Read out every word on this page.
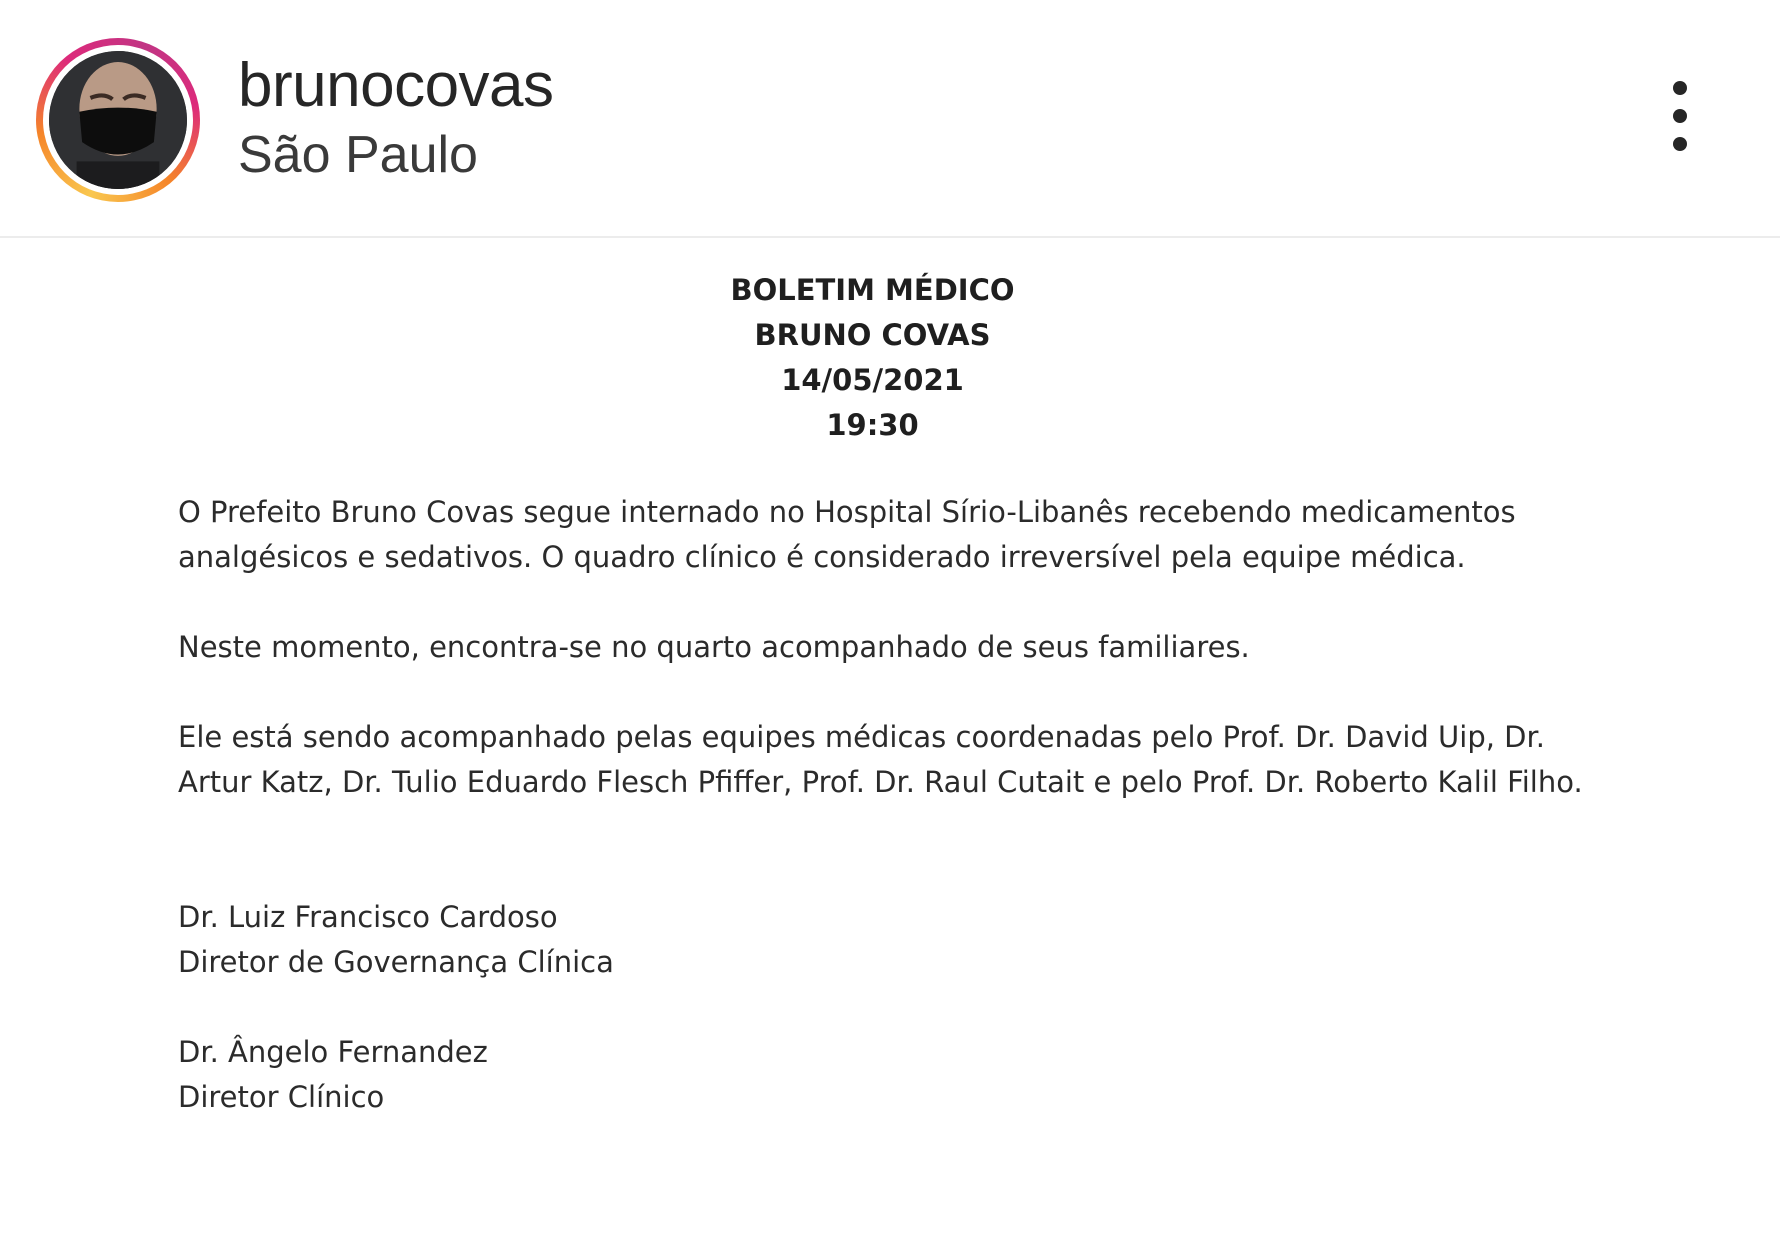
brunocovas
São Paulo
BOLETIM MÉDICO
BRUNO COVAS
14/05/2021
19:30
O Prefeito Bruno Covas segue internado no Hospital Sírio-Libanês recebendo medicamentos analgésicos e sedativos. O quadro clínico é considerado irreversível pela equipe médica.
Neste momento, encontra-se no quarto acompanhado de seus familiares.
Ele está sendo acompanhado pelas equipes médicas coordenadas pelo Prof. Dr. David Uip, Dr. Artur Katz, Dr. Tulio Eduardo Flesch Pfiffer, Prof. Dr. Raul Cutait e pelo Prof. Dr. Roberto Kalil Filho.
Dr. Luiz Francisco Cardoso
Diretor de Governança Clínica
Dr. Ângelo Fernandez
Diretor Clínico
